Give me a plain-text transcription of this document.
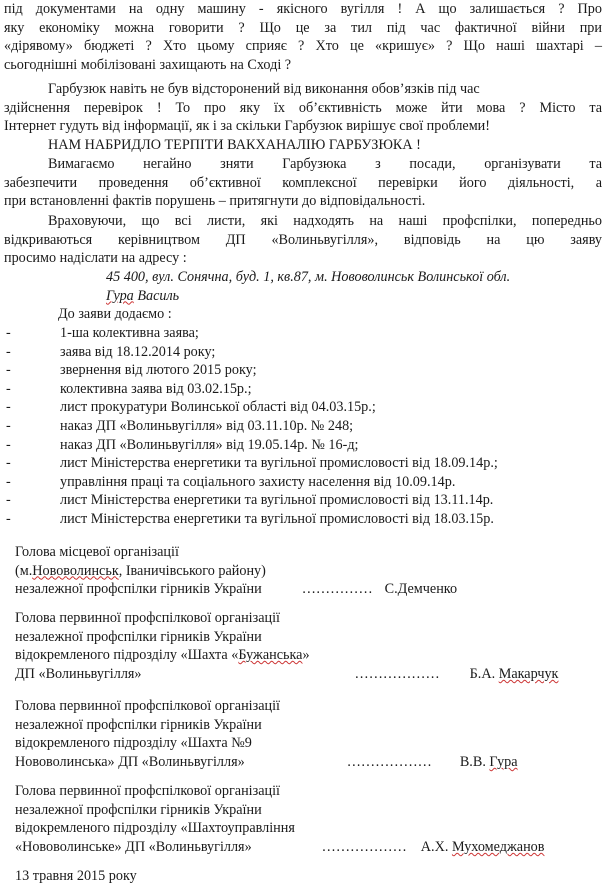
під документами на одну машину - якісного вугілля ! А що залишається ? Про
яку економіку можна говорити ? Що це за тил під час фактичної війни при
«дірявому» бюджеті ? Хто цьому сприяє ? Хто це «кришує» ? Що наші шахтарі –
сьогоднішні мобілізовані захищають на Сході ?
Гарбузюк навіть не був відсторонений від виконання обов’язків під час
здійснення перевірок ! То про яку їх об’єктивність може йти мова ? Місто та
Інтернет гудуть від інформації, як і за скільки Гарбузюк вирішує свої проблеми!
НАМ НАБРИДЛО ТЕРПІТИ ВАКХАНАЛІЮ ГАРБУЗЮКА !
Вимагаємо негайно зняти Гарбузюка з посади, організувати та
забезпечити проведення об’єктивної комплексної перевірки його діяльності, а
при встановленні фактів порушень – притягнути до відповідальності.
Враховуючи, що всі листи, які надходять на наші профспілки, попередньо
відкриваються керівництвом ДП «Волиньвугілля», відповідь на цю заяву
просимо надіслати на адресу :
45 400, вул. Сонячна, буд. 1, кв.87, м. Нововолинськ Волинської обл.
Гура Василь
До заяви додаємо :
-	1-ша колективна заява;
-	заява від 18.12.2014 року;
-	звернення від лютого 2015 року;
-	колективна заява від 03.02.15р.;
-	лист прокуратури Волинської області від 04.03.15р.;
-	наказ ДП «Волиньвугілля» від 03.11.10р. № 248;
-	наказ ДП «Волиньвугілля» від 19.05.14р. № 16-д;
-	лист Міністерства енергетики та вугільної промисловості від 18.09.14р.;
-	управління праці та соціального захисту населення від 10.09.14р.
-	лист Міністерства енергетики та вугільної промисловості від 13.11.14р.
-	лист Міністерства енергетики та вугільної промисловості від 18.03.15р.
Голова місцевої організації
(м.Нововолинськ, Іваничівського району)
незалежної профспілки гірників України	…………… С.Демченко
Голова первинної профспілкової організації
незалежної профспілки гірників України
відокремленого підрозділу «Шахта «Бужанська»
ДП «Волиньвугілля»	……………… Б.А. Макарчук
Голова первинної профспілкової організації
незалежної профспілки гірників України
відокремленого підрозділу «Шахта №9
Нововолинська» ДП «Волиньвугілля»	……………… В.В. Гура
Голова первинної профспілкової організації
незалежної профспілки гірників України
відокремленого підрозділу «Шахтоуправління
«Нововолинське» ДП «Волиньвугілля»	……………… А.Х. Мухомеджанов
13 травня 2015 року
